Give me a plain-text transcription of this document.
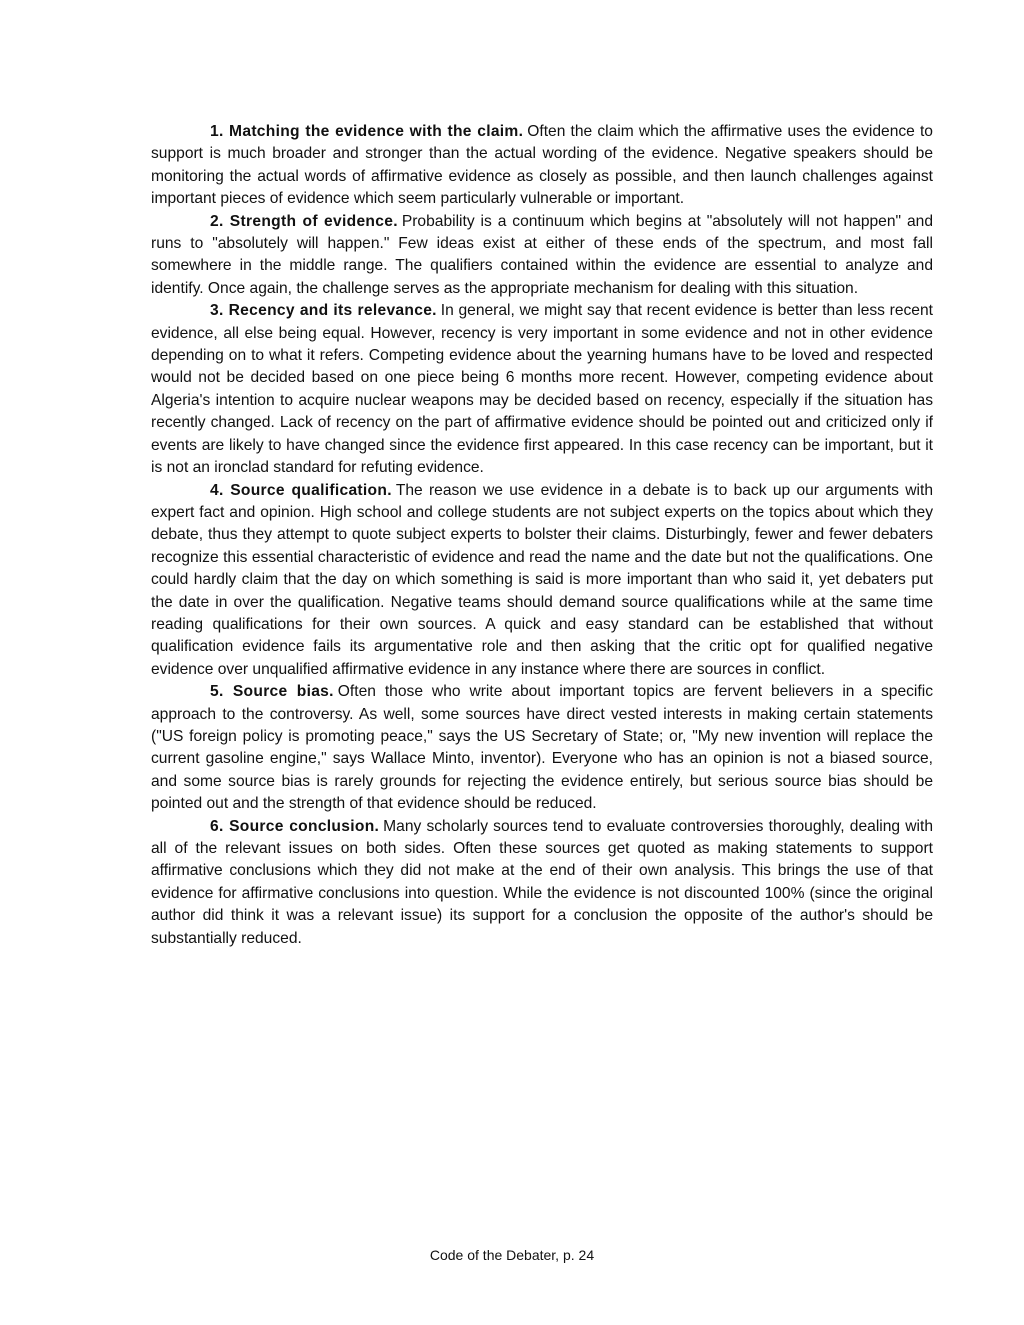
1. Matching the evidence with the claim. Often the claim which the affirmative uses the evidence to support is much broader and stronger than the actual wording of the evidence. Negative speakers should be monitoring the actual words of affirmative evidence as closely as possible, and then launch challenges against important pieces of evidence which seem particularly vulnerable or important.

2. Strength of evidence. Probability is a continuum which begins at "absolutely will not happen" and runs to "absolutely will happen." Few ideas exist at either of these ends of the spectrum, and most fall somewhere in the middle range. The qualifiers contained within the evidence are essential to analyze and identify. Once again, the challenge serves as the appropriate mechanism for dealing with this situation.

3. Recency and its relevance. In general, we might say that recent evidence is better than less recent evidence, all else being equal. However, recency is very important in some evidence and not in other evidence depending on to what it refers. Competing evidence about the yearning humans have to be loved and respected would not be decided based on one piece being 6 months more recent. However, competing evidence about Algeria's intention to acquire nuclear weapons may be decided based on recency, especially if the situation has recently changed. Lack of recency on the part of affirmative evidence should be pointed out and criticized only if events are likely to have changed since the evidence first appeared. In this case recency can be important, but it is not an ironclad standard for refuting evidence.

4. Source qualification. The reason we use evidence in a debate is to back up our arguments with expert fact and opinion. High school and college students are not subject experts on the topics about which they debate, thus they attempt to quote subject experts to bolster their claims. Disturbingly, fewer and fewer debaters recognize this essential characteristic of evidence and read the name and the date but not the qualifications. One could hardly claim that the day on which something is said is more important than who said it, yet debaters put the date in over the qualification. Negative teams should demand source qualifications while at the same time reading qualifications for their own sources. A quick and easy standard can be established that without qualification evidence fails its argumentative role and then asking that the critic opt for qualified negative evidence over unqualified affirmative evidence in any instance where there are sources in conflict.

5. Source bias. Often those who write about important topics are fervent believers in a specific approach to the controversy. As well, some sources have direct vested interests in making certain statements ("US foreign policy is promoting peace," says the US Secretary of State; or, "My new invention will replace the current gasoline engine," says Wallace Minto, inventor). Everyone who has an opinion is not a biased source, and some source bias is rarely grounds for rejecting the evidence entirely, but serious source bias should be pointed out and the strength of that evidence should be reduced.

6. Source conclusion. Many scholarly sources tend to evaluate controversies thoroughly, dealing with all of the relevant issues on both sides. Often these sources get quoted as making statements to support affirmative conclusions which they did not make at the end of their own analysis. This brings the use of that evidence for affirmative conclusions into question. While the evidence is not discounted 100% (since the original author did think it was a relevant issue) its support for a conclusion the opposite of the author's should be substantially reduced.

Code of the Debater, p. 24
